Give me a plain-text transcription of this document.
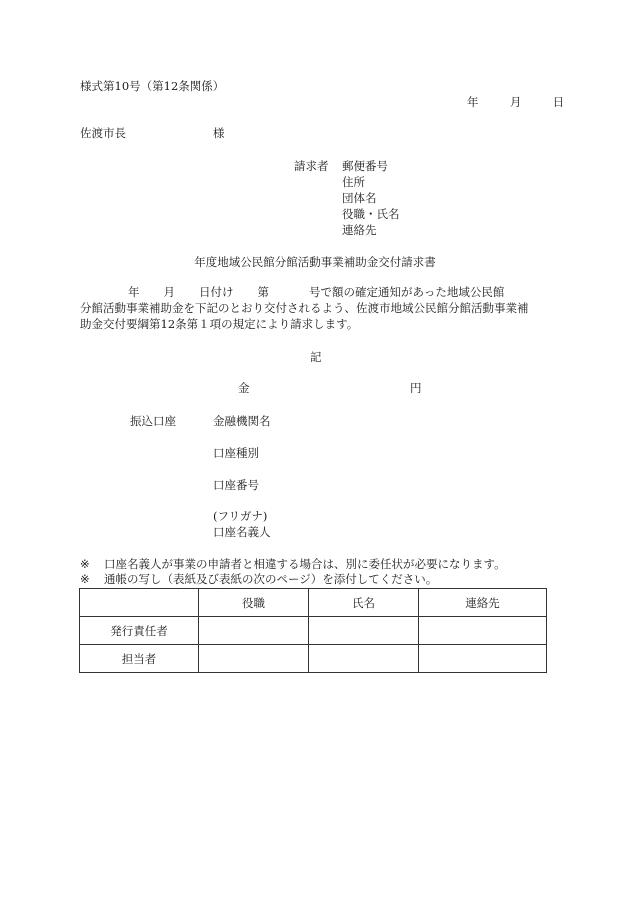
様式第10号（第12条関係）
年	月	日
佐渡市長	様
請求者 郵便番号
住所
団体名
役職・氏名
連絡先
年度地域公民館分館活動事業補助金交付請求書
年 月 日付け 第	号で額の確定通知があった地域公民館
分館活動事業補助金を下記のとおり交付されるよう、佐渡市地域公民館分館活動事業補
助金交付要綱第12条第１項の規定により請求します。
記
金	円
振込口座	金融機関名
口座種別
口座番号
(フリガナ)
口座名義人
※ 口座名義人が事業の申請者と相違する場合は、別に委任状が必要になります。
※ 通帳の写し（表紙及び表紙の次のページ）を添付してください。
	役職	氏名	連絡先
発行責任者			
担当者			
